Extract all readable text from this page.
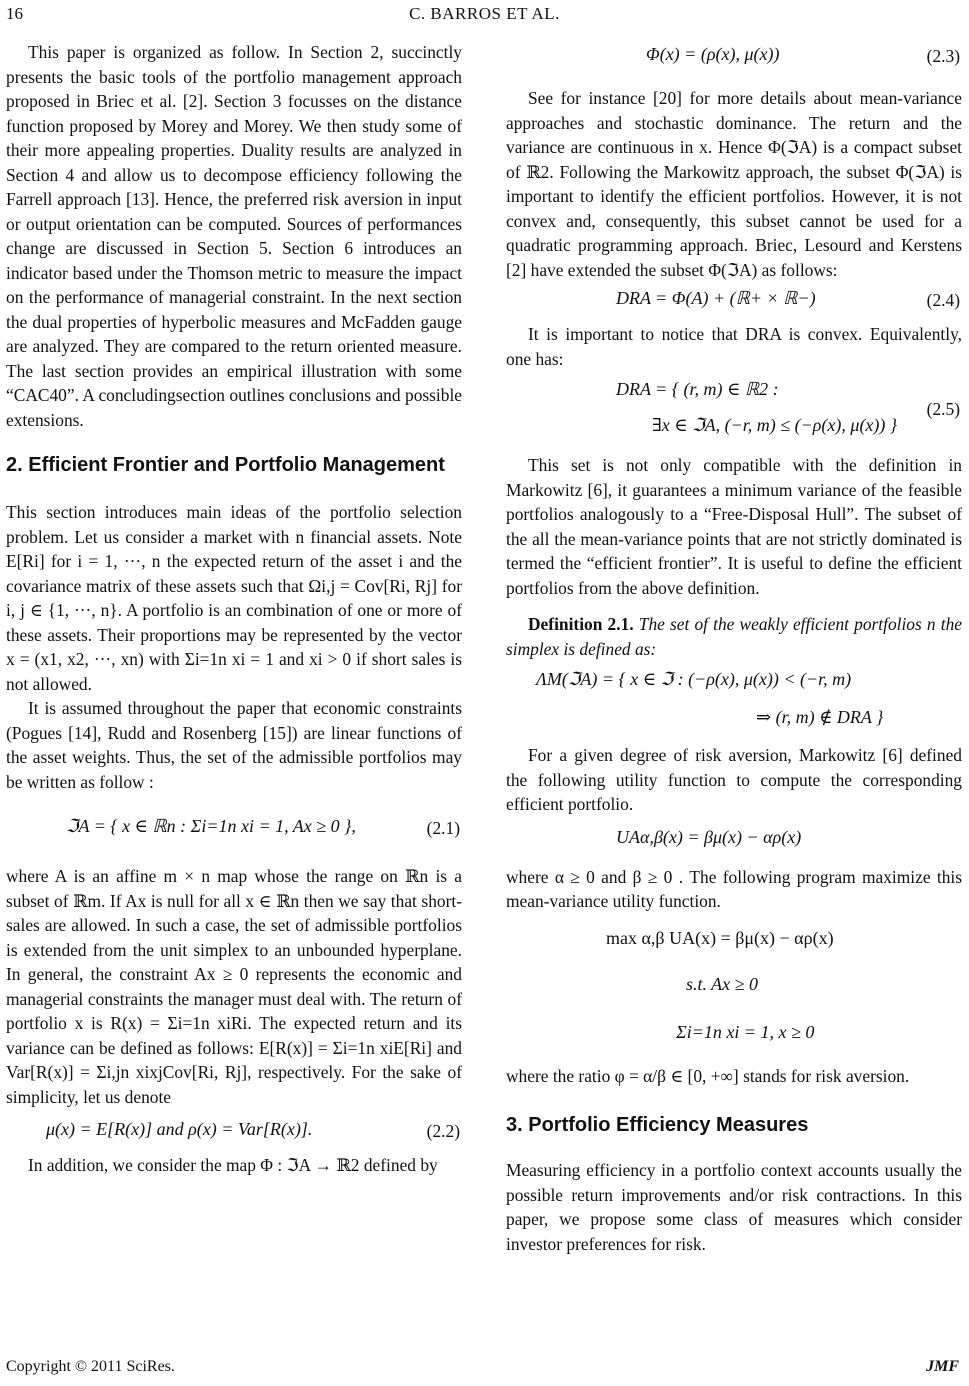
16	C. BARROS ET AL.

This paper is organized as follow. In Section 2, succinctly presents the basic tools of the portfolio management approach proposed in Briec et al. [2]. Section 3 focusses on the distance function proposed by Morey and Morey. We then study some of their more appealing properties. Duality results are analyzed in Section 4 and allow us to decompose efficiency following the Farrell approach [13]. Hence, the preferred risk aversion in input or output orientation can be computed. Sources of performances change are discussed in Section 5. Section 6 introduces an indicator based under the Thomson metric to measure the impact on the performance of managerial constraint. In the next section the dual properties of hyperbolic measures and McFadden gauge are analyzed. They are compared to the return oriented measure. The last section provides an empirical illustration with some “CAC40”. A concludingsection outlines conclusions and possible extensions.

2. Efficient Frontier and Portfolio Management

This section introduces main ideas of the portfolio selection problem. Let us consider a market with n financial assets. Note E[Ri] for i = 1, ···, n the expected return of the asset i and the covariance matrix of these assets such that Ωi,j = Cov[Ri, Rj] for i, j ∈ {1, ···, n}. A portfolio is an combination of one or more of these assets. Their proportions may be represented by the vector x = (x1, x2, ···, xn) with Σi=1n xi = 1 and xi > 0 if short sales is not allowed.

It is assumed throughout the paper that economic constraints (Pogues [14], Rudd and Rosenberg [15]) are linear functions of the asset weights. Thus, the set of the admissible portfolios may be written as follow :

ℑA = { x ∈ ℝn : Σi=1n xi = 1, Ax ≥ 0 },	(2.1)

where A is an affine m × n map whose the range on ℝn is a subset of ℝm. If Ax is null for all x ∈ ℝn then we say that short-sales are allowed. In such a case, the set of admissible portfolios is extended from the unit simplex to an unbounded hyperplane. In general, the constraint Ax ≥ 0 represents the economic and managerial constraints the manager must deal with. The return of portfolio x is R(x) = Σi=1n xiRi. The expected return and its variance can be defined as follows: E[R(x)] = Σi=1n xiE[Ri] and Var[R(x)] = Σi,jn xixjCov[Ri, Rj], respectively. For the sake of simplicity, let us denote

μ(x) = E[R(x)] and ρ(x) = Var[R(x)].	(2.2)

In addition, we consider the map Φ : ℑA → ℝ2 defined by

Φ(x) = (ρ(x), μ(x))	(2.3)

See for instance [20] for more details about mean-variance approaches and stochastic dominance. The return and the variance are continuous in x. Hence Φ(ℑA) is a compact subset of ℝ2. Following the Markowitz approach, the subset Φ(ℑA) is important to identify the efficient portfolios. However, it is not convex and, consequently, this subset cannot be used for a quadratic programming approach. Briec, Lesourd and Kerstens [2] have extended the subset Φ(ℑA) as follows:

DRA = Φ(A) + (ℝ+ × ℝ−)	(2.4)

It is important to notice that DRA is convex. Equivalently, one has:

DRA = { (r, m) ∈ ℝ2 :
∃x ∈ ℑA, (−r, m) ≤ (−ρ(x), μ(x)) }
(2.5)

This set is not only compatible with the definition in Markowitz [6], it guarantees a minimum variance of the feasible portfolios analogously to a “Free-Disposal Hull”. The subset of the all the mean-variance points that are not strictly dominated is termed the “efficient frontier”. It is useful to define the efficient portfolios from the above definition.

Definition 2.1. The set of the weakly efficient portfolios n the simplex is defined as:

ΛM(ℑA) = { x ∈ ℑ : (−ρ(x), μ(x)) < (−r, m)
⇒ (r, m) ∉ DRA }

For a given degree of risk aversion, Markowitz [6] defined the following utility function to compute the corresponding efficient portfolio.

UAα,β(x) = βμ(x) − αρ(x)

where α ≥ 0 and β ≥ 0 . The following program maximize this mean-variance utility function.

max α,β UA(x) = βμ(x) − αρ(x)
s.t. Ax ≥ 0
Σi=1n xi = 1, x ≥ 0

where the ratio φ = α/β ∈ [0, +∞] stands for risk aversion.

3. Portfolio Efficiency Measures

Measuring efficiency in a portfolio context accounts usually the possible return improvements and/or risk contractions. In this paper, we propose some class of measures which consider investor preferences for risk.

Copyright © 2011 SciRes.	JMF
